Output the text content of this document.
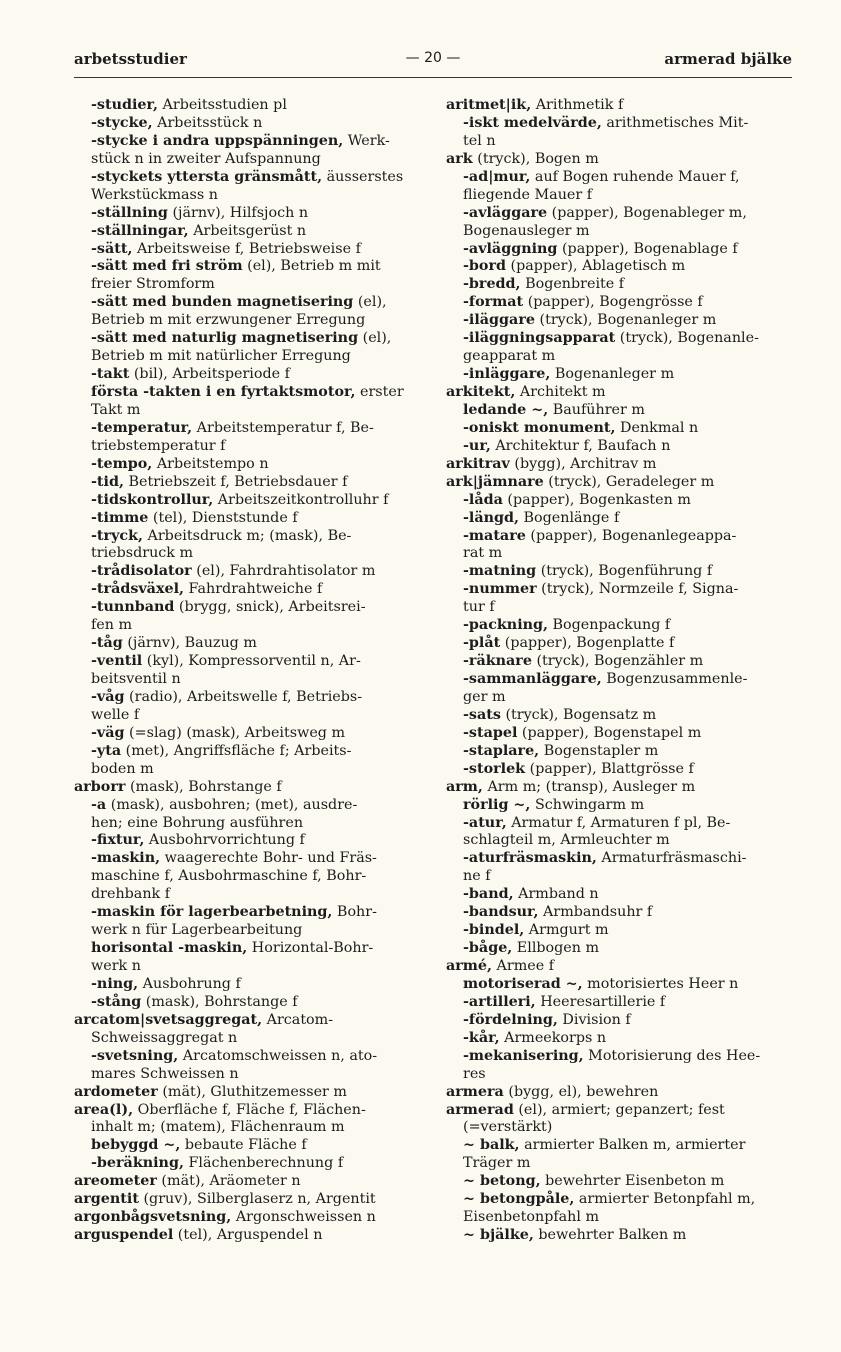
arbetsstudier	— 20 —	armerad bjälke
-studier, Arbeitsstudien pl
-stycke, Arbeitsstück n
-stycke i andra uppspänningen, Werk-
stück n in zweiter Aufspannung
-styckets yttersta gränsmått, äusserstes
Werkstückmass n
-ställning (järnv), Hilfsjoch n
-ställningar, Arbeitsgerüst n
-sätt, Arbeitsweise f, Betriebsweise f
-sätt med fri ström (el), Betrieb m mit
freier Stromform
-sätt med bunden magnetisering (el),
Betrieb m mit erzwungener Erregung
-sätt med naturlig magnetisering (el),
Betrieb m mit natürlicher Erregung
-takt (bil), Arbeitsperiode f
första -takten i en fyrtaktsmotor, erster
Takt m
-temperatur, Arbeitstemperatur f, Be-
triebstemperatur f
-tempo, Arbeitstempo n
-tid, Betriebszeit f, Betriebsdauer f
-tidskontrollur, Arbeitszeitkontrolluhr f
-timme (tel), Dienststunde f
-tryck, Arbeitsdruck m; (mask), Be-
triebsdruck m
-trådisolator (el), Fahrdrahtisolator m
-trådsväxel, Fahrdrahtweiche f
-tunnband (brygg, snick), Arbeitsrei-
fen m
-tåg (järnv), Bauzug m
-ventil (kyl), Kompressorventil n, Ar-
beitsventil n
-våg (radio), Arbeitswelle f, Betriebs-
welle f
-väg (=slag) (mask), Arbeitsweg m
-yta (met), Angriffsfläche f; Arbeits-
boden m
arborr (mask), Bohrstange f
-a (mask), ausbohren; (met), ausdre-
hen; eine Bohrung ausführen
-fixtur, Ausbohrvorrichtung f
-maskin, waagerechte Bohr- und Fräs-
maschine f, Ausbohrmaschine f, Bohr-
drehbank f
-maskin för lagerbearbetning, Bohr-
werk n für Lagerbearbeitung
horisontal -maskin, Horizontal-Bohr-
werk n
-ning, Ausbohrung f
-stång (mask), Bohrstange f
arcatom|svetsaggregat, Arcatom-
Schweissaggregat n
-svetsning, Arcatomschweissen n, ato-
mares Schweissen n
ardometer (mät), Gluthitzemesser m
area(l), Oberfläche f, Fläche f, Flächen-
inhalt m; (matem), Flächenraum m
bebyggd ~, bebaute Fläche f
-beräkning, Flächenberechnung f
areometer (mät), Aräometer n
argentit (gruv), Silberglaserz n, Argentit
argonbågsvetsning, Argonschweissen n
arguspendel (tel), Arguspendel n
aritmet|ik, Arithmetik f
-iskt medelvärde, arithmetisches Mit-
tel n
ark (tryck), Bogen m
-ad|mur, auf Bogen ruhende Mauer f,
fliegende Mauer f
-avläggare (papper), Bogenableger m,
Bogenausleger m
-avläggning (papper), Bogenablage f
-bord (papper), Ablagetisch m
-bredd, Bogenbreite f
-format (papper), Bogengrösse f
-iläggare (tryck), Bogenanleger m
-iläggningsapparat (tryck), Bogenanle-
geapparat m
-inläggare, Bogenanleger m
arkitekt, Architekt m
ledande ~, Bauführer m
-oniskt monument, Denkmal n
-ur, Architektur f, Baufach n
arkitrav (bygg), Architrav m
ark|jämnare (tryck), Geradeleger m
-låda (papper), Bogenkasten m
-längd, Bogenlänge f
-matare (papper), Bogenanlegeappa-
rat m
-matning (tryck), Bogenführung f
-nummer (tryck), Normzeile f, Signa-
tur f
-packning, Bogenpackung f
-plåt (papper), Bogenplatte f
-räknare (tryck), Bogenzähler m
-sammanläggare, Bogenzusammenle-
ger m
-sats (tryck), Bogensatz m
-stapel (papper), Bogenstapel m
-staplare, Bogenstapler m
-storlek (papper), Blattgrösse f
arm, Arm m; (transp), Ausleger m
rörlig ~, Schwingarm m
-atur, Armatur f, Armaturen f pl, Be-
schlagteil m, Armleuchter m
-aturfräsmaskin, Armaturfräsmaschi-
ne f
-band, Armband n
-bandsur, Armbandsuhr f
-bindel, Armgurt m
-båge, Ellbogen m
armé, Armee f
motoriserad ~, motorisiertes Heer n
-artilleri, Heeresartillerie f
-fördelning, Division f
-kår, Armeekorps n
-mekanisering, Motorisierung des Hee-
res
armera (bygg, el), bewehren
armerad (el), armiert; gepanzert; fest
(=verstärkt)
~ balk, armierter Balken m, armierter
Träger m
~ betong, bewehrter Eisenbeton m
~ betongpåle, armierter Betonpfahl m,
Eisenbetonpfahl m
~ bjälke, bewehrter Balken m
